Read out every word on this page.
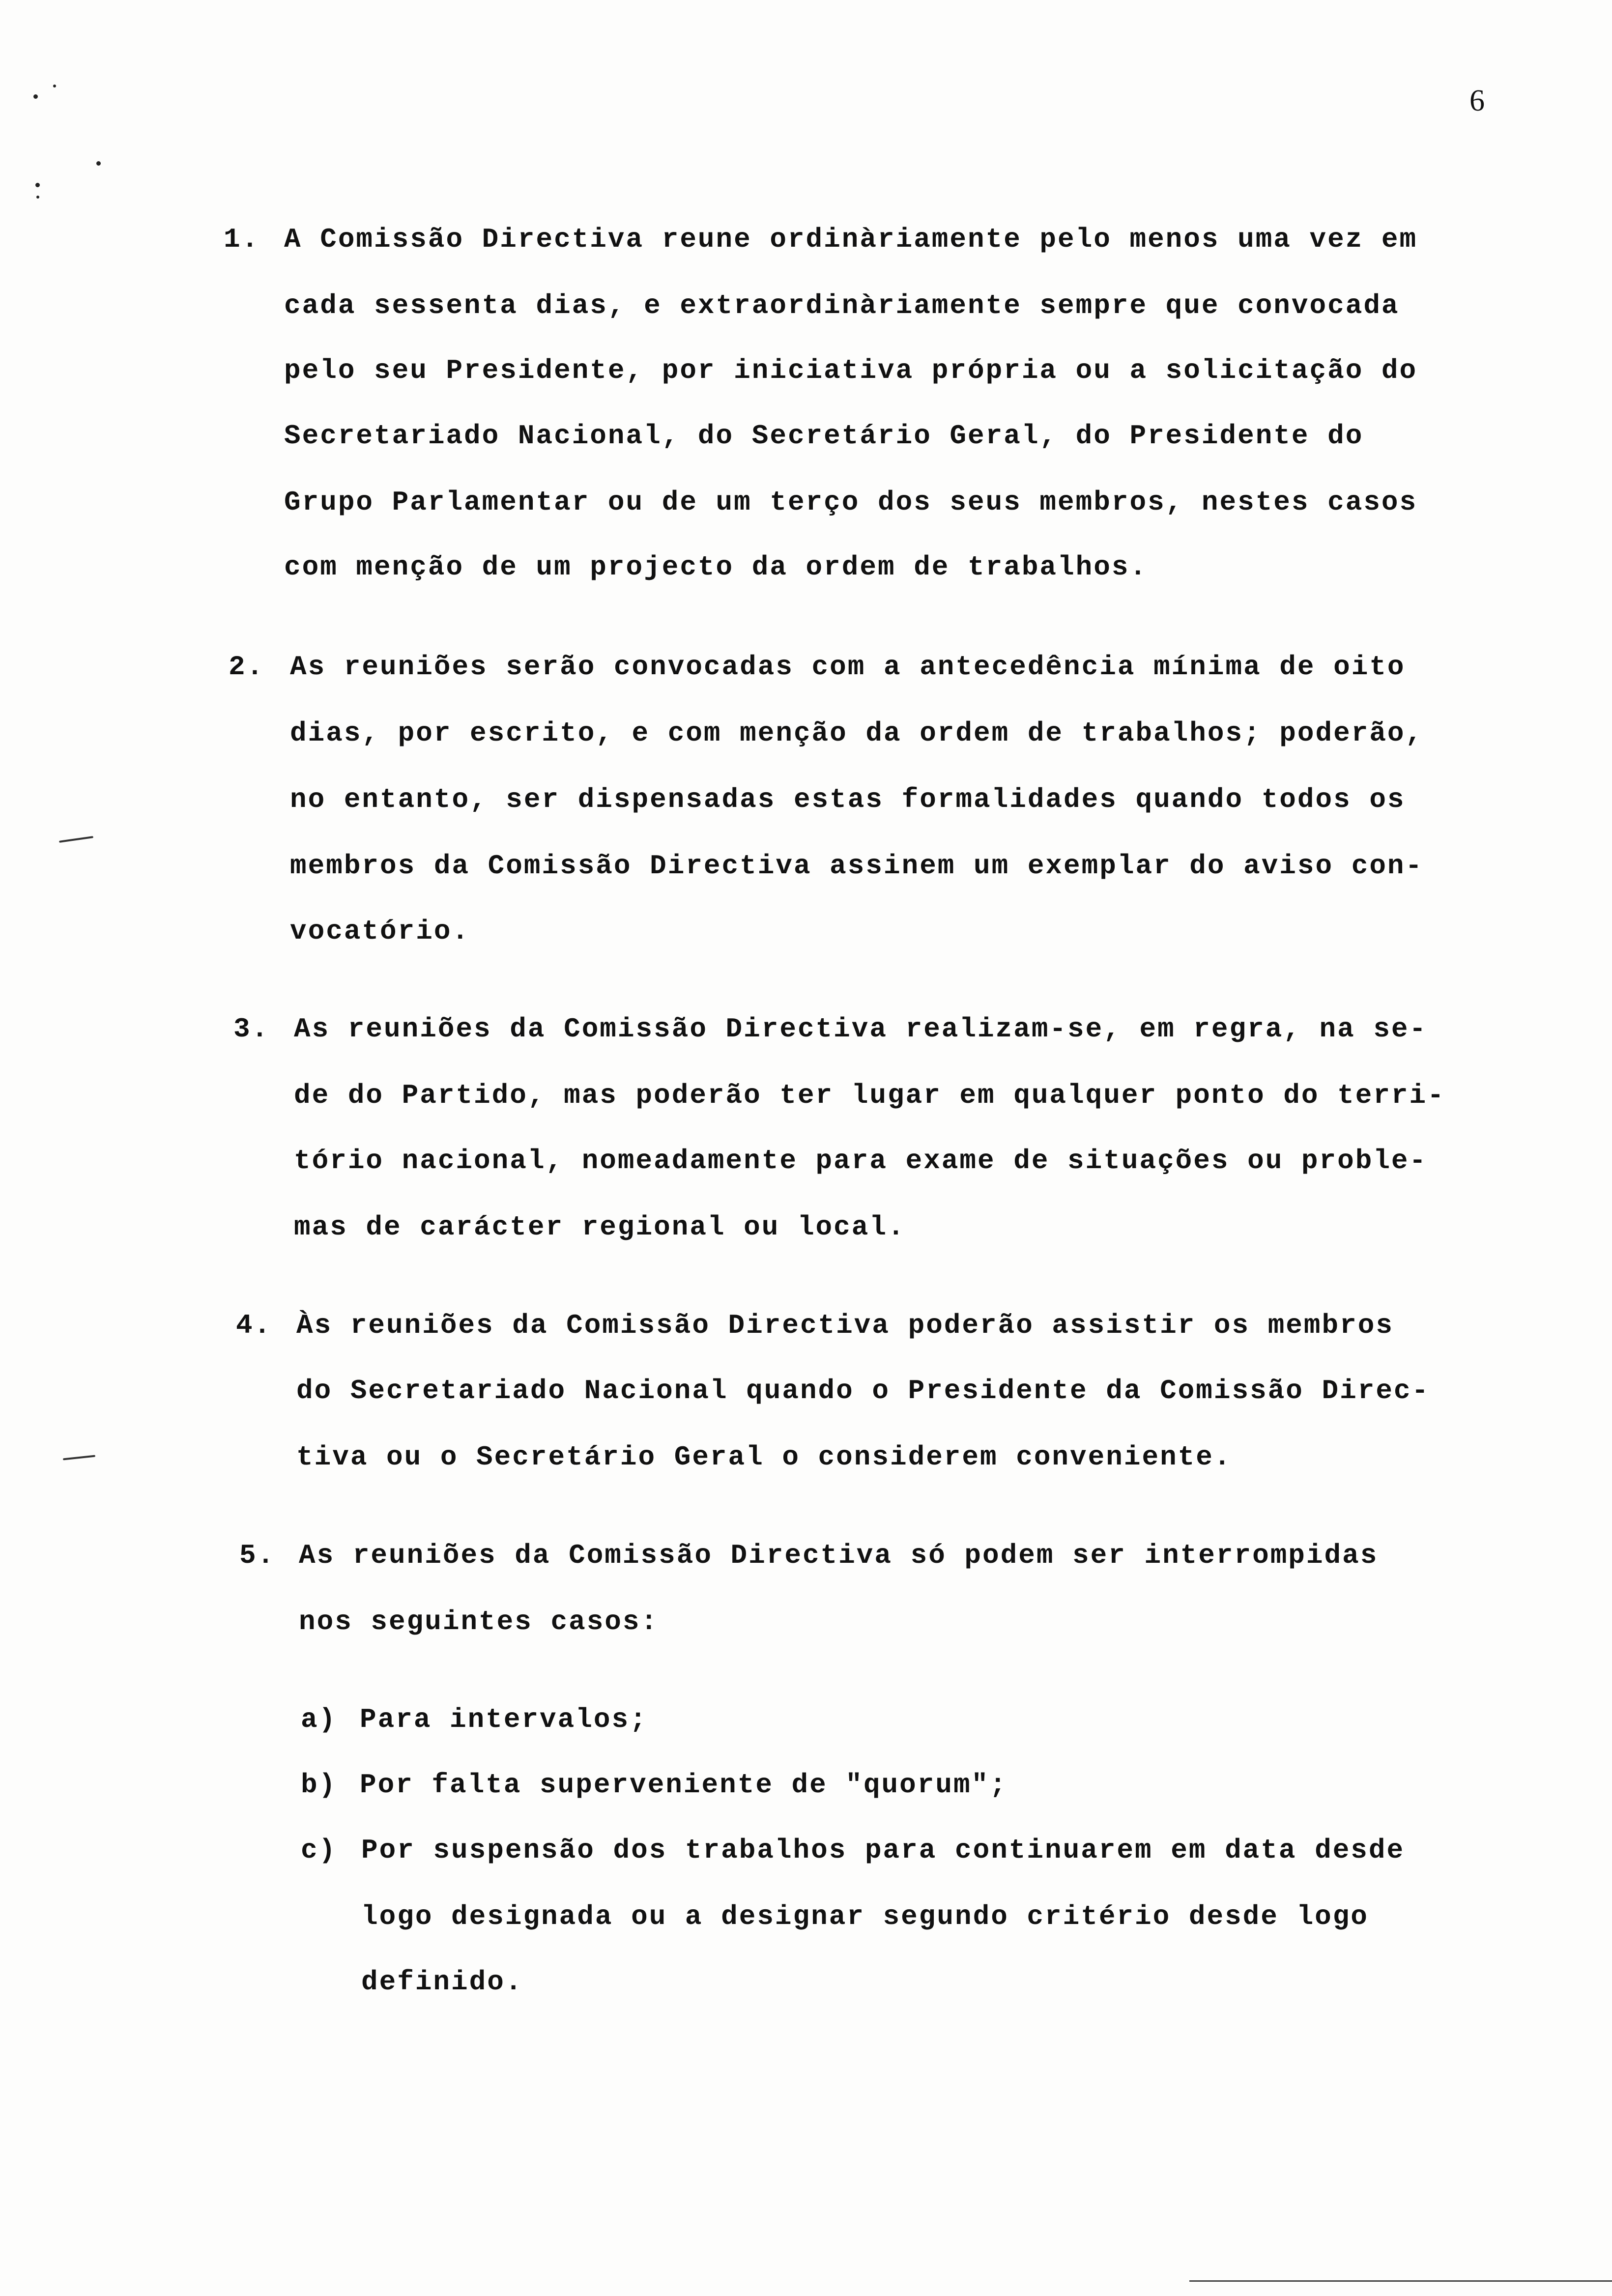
6
1. A Comissão Directiva reune ordinàriamente pelo menos uma vez em
cada sessenta dias, e extraordinàriamente sempre que convocada
pelo seu Presidente, por iniciativa própria ou a solicitação do
Secretariado Nacional, do Secretário Geral, do Presidente do
Grupo Parlamentar ou de um terço dos seus membros, nestes casos
com menção de um projecto da ordem de trabalhos.
2. As reuniões serão convocadas com a antecedência mínima de oito
dias, por escrito, e com menção da ordem de trabalhos; poderão,
no entanto, ser dispensadas estas formalidades quando todos os
membros da Comissão Directiva assinem um exemplar do aviso con-
vocatório.
3. As reuniões da Comissão Directiva realizam-se, em regra, na se-
de do Partido, mas poderão ter lugar em qualquer ponto do terri-
tório nacional, nomeadamente para exame de situações ou proble-
mas de carácter regional ou local.
4. Às reuniões da Comissão Directiva poderão assistir os membros
do Secretariado Nacional quando o Presidente da Comissão Direc-
tiva ou o Secretário Geral o considerem conveniente.
5. As reuniões da Comissão Directiva só podem ser interrompidas
nos seguintes casos:
a) Para intervalos;
b) Por falta superveniente de "quorum";
c) Por suspensão dos trabalhos para continuarem em data desde
logo designada ou a designar segundo critério desde logo
definido.
